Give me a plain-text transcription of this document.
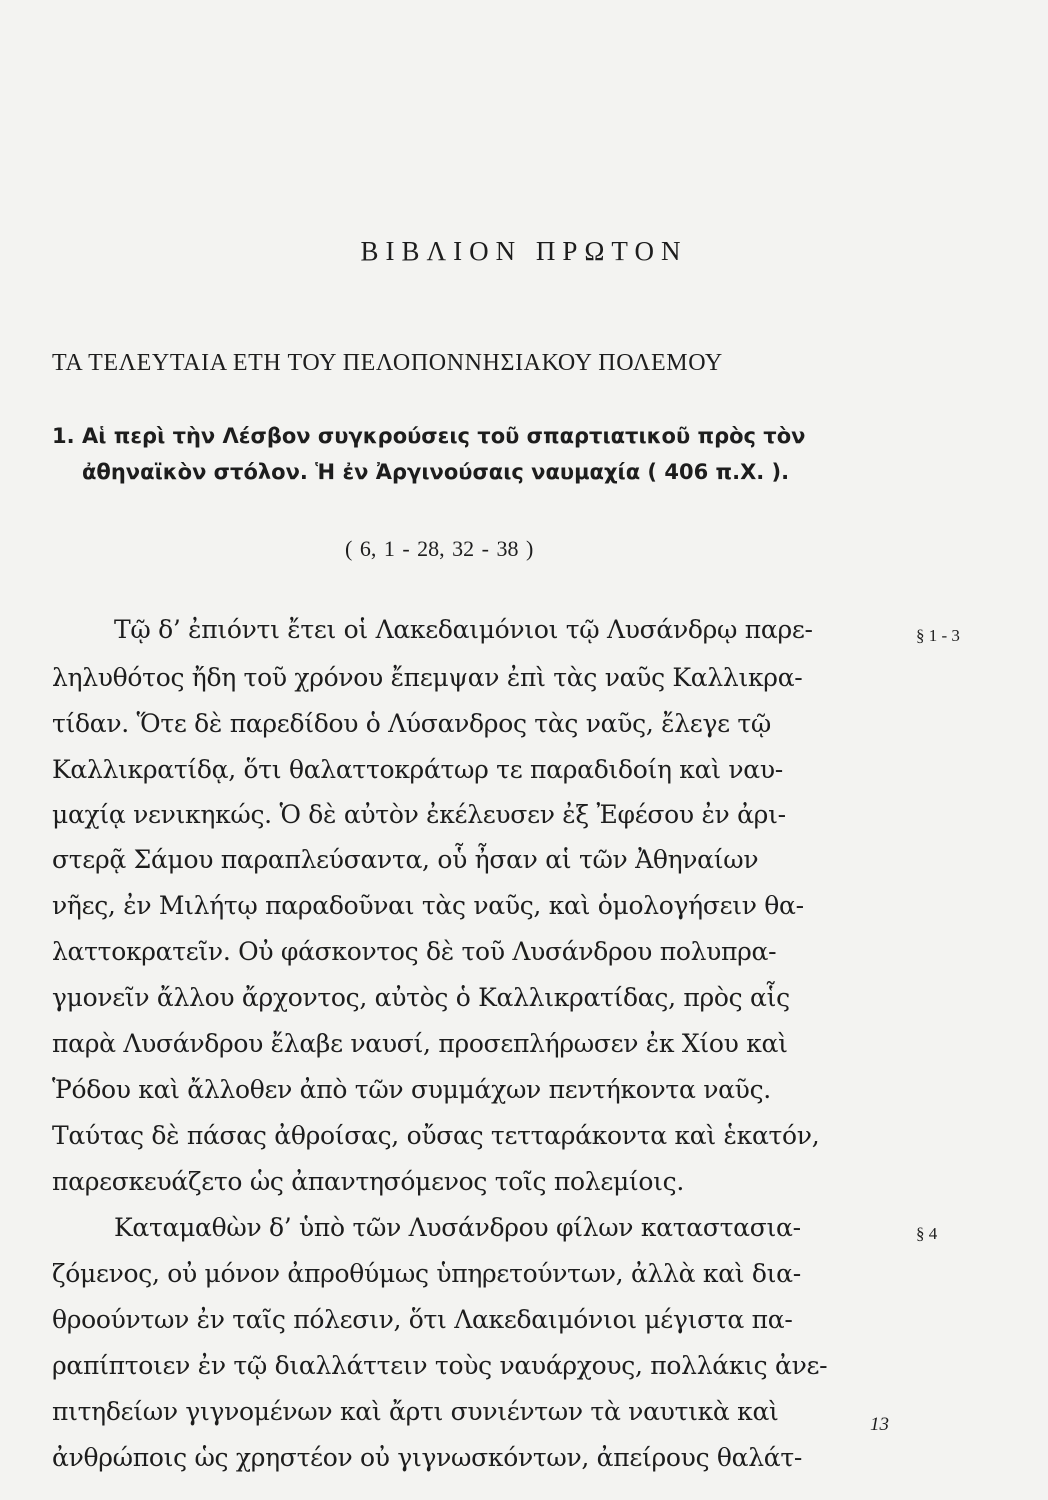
ΒΙΒΛΙΟΝ ΠΡΩΤΟΝ
ΤΑ ΤΕΛΕΥΤΑΙΑ ΕΤΗ ΤΟΥ ΠΕΛΟΠΟΝΝΗΣΙΑΚΟΥ ΠΟΛΕΜΟΥ
1. Αἱ περὶ τὴν Λέσβον συγκρούσεις τοῦ σπαρτιατικοῦ πρὸς τὸν
ἀθηναϊκὸν στόλον. Ἡ ἐν Ἀργινούσαις ναυμαχία ( 406 π.Χ. ).
( 6, 1 - 28, 32 - 38 )
Τῷ δ’ ἐπιόντι ἔτει οἱ Λακεδαιμόνιοι τῷ Λυσάνδρῳ παρε-
ληλυθότος ἤδη τοῦ χρόνου ἔπεμψαν ἐπὶ τὰς ναῦς Καλλικρα-
τίδαν. Ὅτε δὲ παρεδίδου ὁ Λύσανδρος τὰς ναῦς, ἔλεγε τῷ
Καλλικρατίδᾳ, ὅτι θαλαττοκράτωρ τε παραδιδοίη καὶ ναυ-
μαχίᾳ νενικηκώς. Ὁ δὲ αὐτὸν ἐκέλευσεν ἐξ Ἐφέσου ἐν ἀρι-
στερᾷ Σάμου παραπλεύσαντα, οὗ ἦσαν αἱ τῶν Ἀθηναίων
νῆες, ἐν Μιλήτῳ παραδοῦναι τὰς ναῦς, καὶ ὁμολογήσειν θα-
λαττοκρατεῖν. Οὐ φάσκοντος δὲ τοῦ Λυσάνδρου πολυπρα-
γμονεῖν ἄλλου ἄρχοντος, αὐτὸς ὁ Καλλικρατίδας, πρὸς αἷς
παρὰ Λυσάνδρου ἔλαβε ναυσί, προσεπλήρωσεν ἐκ Χίου καὶ
Ῥόδου καὶ ἄλλοθεν ἀπὸ τῶν συμμάχων πεντήκοντα ναῦς.
Ταύτας δὲ πάσας ἀθροίσας, οὔσας τετταράκοντα καὶ ἑκατόν,
παρεσκευάζετο ὡς ἀπαντησόμενος τοῖς πολεμίοις.
Καταμαθὼν δ’ ὑπὸ τῶν Λυσάνδρου φίλων καταστασια-
ζόμενος, οὐ μόνον ἀπροθύμως ὑπηρετούντων, ἀλλὰ καὶ δια-
θροούντων ἐν ταῖς πόλεσιν, ὅτι Λακεδαιμόνιοι μέγιστα πα-
ραπίπτοιεν ἐν τῷ διαλλάττειν τοὺς ναυάρχους, πολλάκις ἀνε-
πιτηδείων γιγνομένων καὶ ἄρτι συνιέντων τὰ ναυτικὰ καὶ
ἀνθρώποις ὡς χρηστέον οὐ γιγνωσκόντων, ἀπείρους θαλάτ-
§ 1 - 3
§ 4
13
